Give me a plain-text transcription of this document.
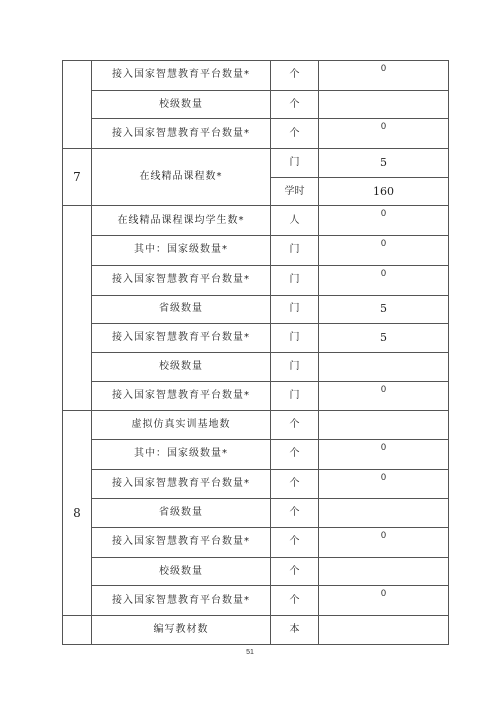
	接入国家智慧教育平台数量*	个	0
	校级数量	个	
	接入国家智慧教育平台数量*	个	0
7	在线精品课程数*	门	5
		学时	160
	在线精品课程课均学生数*	人	0
	其中：国家级数量*	门	0
	接入国家智慧教育平台数量*	门	0
	省级数量	门	5
	接入国家智慧教育平台数量*	门	5
	校级数量	门	
	接入国家智慧教育平台数量*	门	0
8	虚拟仿真实训基地数	个	
	其中：国家级数量*	个	0
	接入国家智慧教育平台数量*	个	0
	省级数量	个	
	接入国家智慧教育平台数量*	个	0
	校级数量	个	
	接入国家智慧教育平台数量*	个	0
	编写教材数	本	
51
